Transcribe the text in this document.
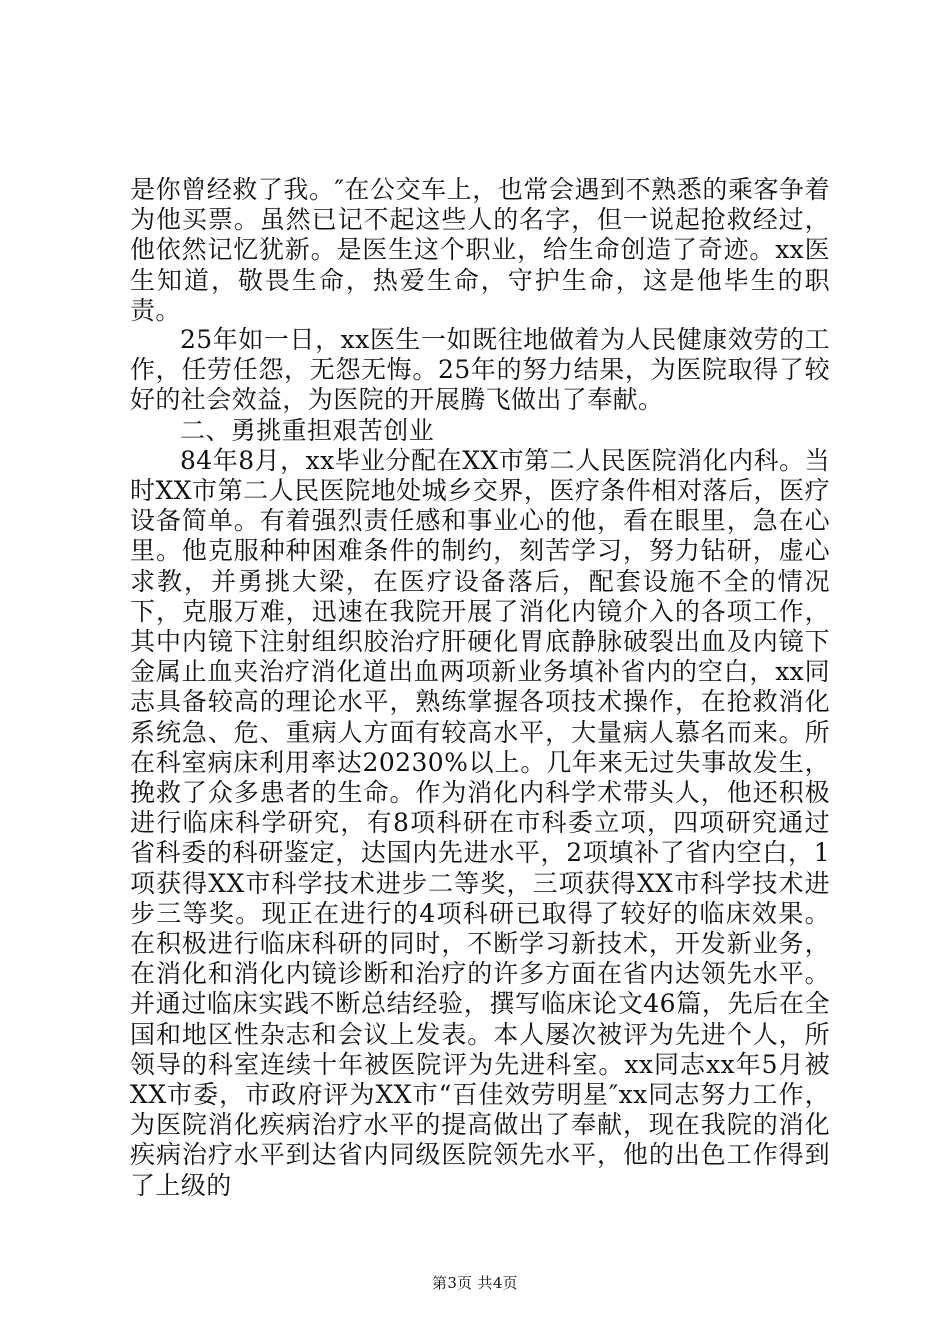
是你曾经救了我。″在公交车上，也常会遇到不熟悉的乘客争着为他买票。虽然已记不起这些人的名字，但一说起抢救经过，他依然记忆犹新。是医生这个职业，给生命创造了奇迹。xx医生知道，敬畏生命，热爱生命，守护生命，这是他毕生的职责。

25年如一日，xx医生一如既往地做着为人民健康效劳的工作，任劳任怨，无怨无悔。25年的努力结果，为医院取得了较好的社会效益，为医院的开展腾飞做出了奉献。

二、勇挑重担艰苦创业

84年8月，xx毕业分配在XX市第二人民医院消化内科。当时XX市第二人民医院地处城乡交界，医疗条件相对落后，医疗设备简单。有着强烈责任感和事业心的他，看在眼里，急在心里。他克服种种困难条件的制约，刻苦学习，努力钻研，虚心求教，并勇挑大梁，在医疗设备落后，配套设施不全的情况下，克服万难，迅速在我院开展了消化内镜介入的各项工作，其中内镜下注射组织胶治疗肝硬化胃底静脉破裂出血及内镜下金属止血夹治疗消化道出血两项新业务填补省内的空白，xx同志具备较高的理论水平，熟练掌握各项技术操作，在抢救消化系统急、危、重病人方面有较高水平，大量病人慕名而来。所在科室病床利用率达20230%以上。几年来无过失事故发生，挽救了众多患者的生命。作为消化内科学术带头人，他还积极进行临床科学研究，有8项科研在市科委立项，四项研究通过省科委的科研鉴定，达国内先进水平，2项填补了省内空白，1项获得XX市科学技术进步二等奖，三项获得XX市科学技术进步三等奖。现正在进行的4项科研已取得了较好的临床效果。在积极进行临床科研的同时，不断学习新技术，开发新业务，在消化和消化内镜诊断和治疗的许多方面在省内达领先水平。并通过临床实践不断总结经验，撰写临床论文46篇，先后在全国和地区性杂志和会议上发表。本人屡次被评为先进个人，所领导的科室连续十年被医院评为先进科室。xx同志xx年5月被XX市委，市政府评为XX市“百佳效劳明星″xx同志努力工作，为医院消化疾病治疗水平的提高做出了奉献，现在我院的消化疾病治疗水平到达省内同级医院领先水平，他的出色工作得到了上级的

第3页 共4页
